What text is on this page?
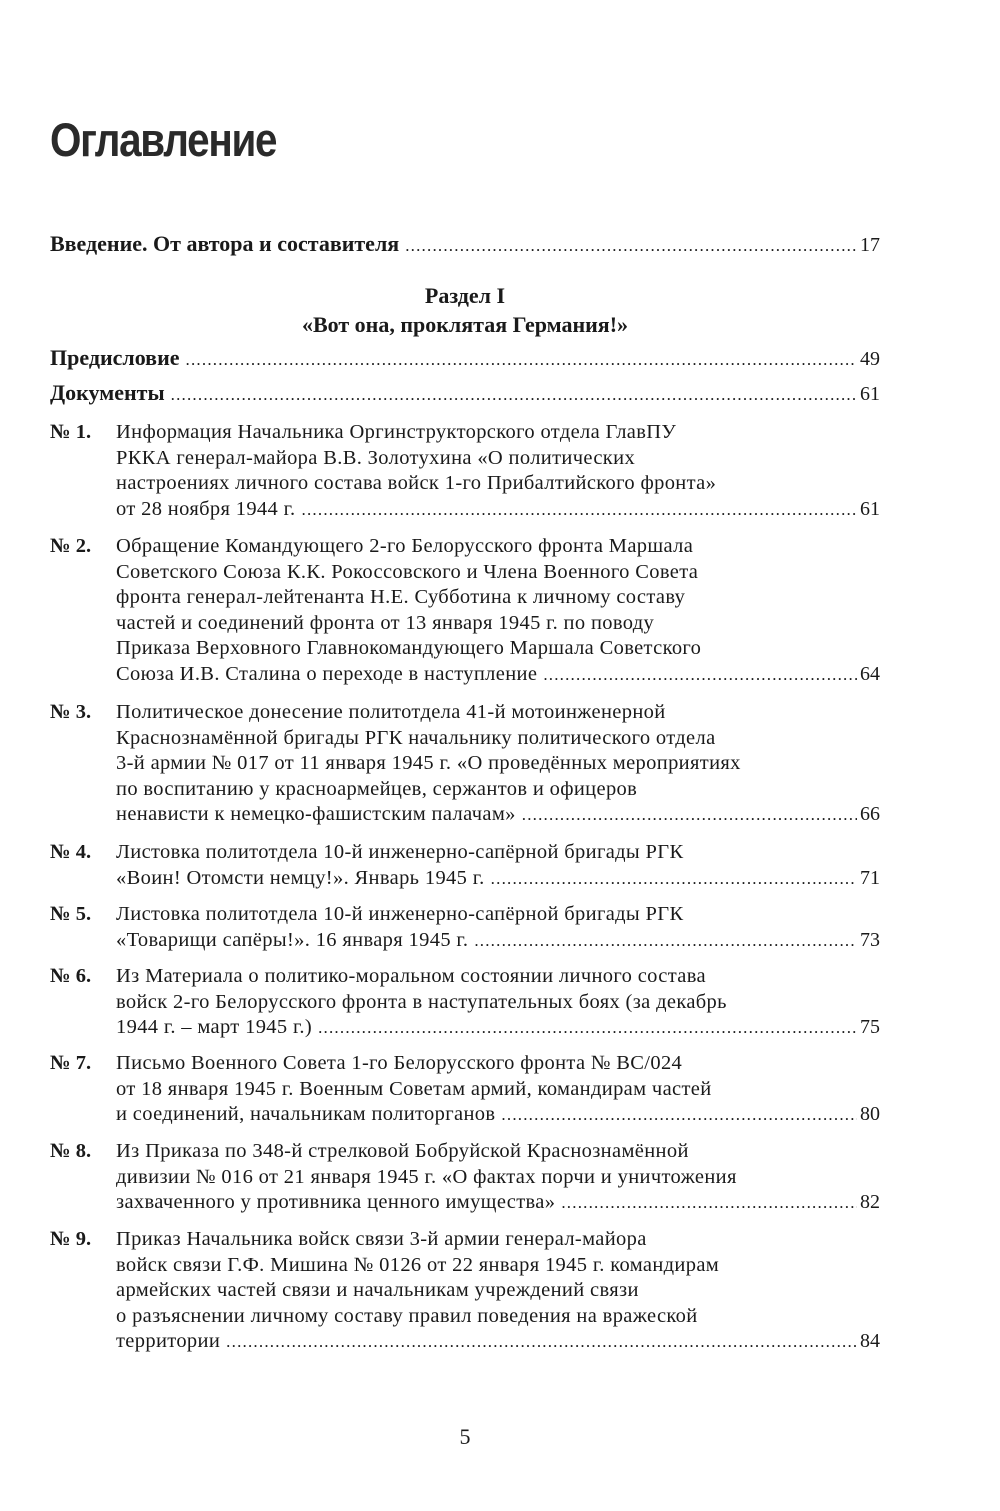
Оглавление
Введение. От автора и составителя .....	17
Раздел I
«Вот она, проклятая Германия!»
Предисловие .....	49
Документы .....	61
№ 1. Информация Начальника Оргинструкторского отдела ГлавПУ
РККА генерал-майора В.В. Золотухина «О политических
настроениях личного состава войск 1-го Прибалтийского фронта»
от 28 ноября 1944 г. .....	61
№ 2. Обращение Командующего 2-го Белорусского фронта Маршала
Советского Союза К.К. Рокоссовского и Члена Военного Совета
фронта генерал-лейтенанта Н.Е. Субботина к личному составу
частей и соединений фронта от 13 января 1945 г. по поводу
Приказа Верховного Главнокомандующего Маршала Советского
Союза И.В. Сталина о переходе в наступление .....	64
№ 3. Политическое донесение политотдела 41-й мотоинженерной
Краснознамённой бригады РГК начальнику политического отдела
3-й армии № 017 от 11 января 1945 г. «О проведённых мероприятиях
по воспитанию у красноармейцев, сержантов и офицеров
ненависти к немецко-фашистским палачам» .....	66
№ 4. Листовка политотдела 10-й инженерно-сапёрной бригады РГК
«Воин! Отомсти немцу!». Январь 1945 г. .....	71
№ 5. Листовка политотдела 10-й инженерно-сапёрной бригады РГК
«Товарищи сапёры!». 16 января 1945 г. .....	73
№ 6. Из Материала о политико-моральном состоянии личного состава
войск 2-го Белорусского фронта в наступательных боях (за декабрь
1944 г. – март 1945 г.) .....	75
№ 7. Письмо Военного Совета 1-го Белорусского фронта № ВС/024
от 18 января 1945 г. Военным Советам армий, командирам частей
и соединений, начальникам политорганов .....	80
№ 8. Из Приказа по 348-й стрелковой Бобруйской Краснознамённой
дивизии № 016 от 21 января 1945 г. «О фактах порчи и уничтожения
захваченного у противника ценного имущества» .....	82
№ 9. Приказ Начальника войск связи 3-й армии генерал-майора
войск связи Г.Ф. Мишина № 0126 от 22 января 1945 г. командирам
армейских частей связи и начальникам учреждений связи
о разъяснении личному составу правил поведения на вражеской
территории .....	84
5
